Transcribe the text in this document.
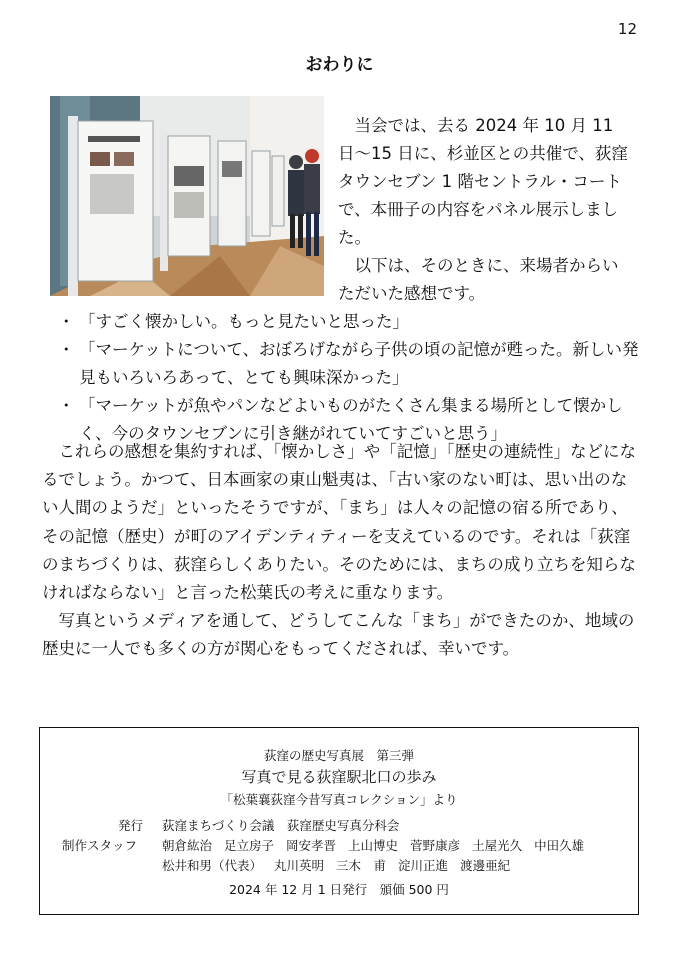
12
おわりに

当会では、去る 2024 年 10 月 11 日～15 日に、杉並区との共催で、荻窪タウンセブン 1 階セントラル・コートで、本冊子の内容をパネル展示しました。

以下は、そのときに、来場者からいただいた感想です。

・ 「すごく懐かしい。もっと見たいと思った」
・ 「マーケットについて、おぼろげながら子供の頃の記憶が甦った。新しい発見もいろいろあって、とても興味深かった」
・ 「マーケットが魚やパンなどよいものがたくさん集まる場所として懐かしく、今のタウンセブンに引き継がれていてすごいと思う」

これらの感想を集約すれば、「懐かしさ」や「記憶」「歴史の連続性」などになるでしょう。かつて、日本画家の東山魁夷は、「古い家のない町は、思い出のない人間のようだ」といったそうですが、「まち」は人々の記憶の宿る所であり、その記憶（歴史）が町のアイデンティティーを支えているのです。それは「荻窪のまちづくりは、荻窪らしくありたい。そのためには、まちの成り立ちを知らなければならない」と言った松葉氏の考えに重なります。

写真というメディアを通して、どうしてこんな「まち」ができたのか、地域の歴史に一人でも多くの方が関心をもってくだされば、幸いです。

荻窪の歴史写真展　第三弾
写真で見る荻窪駅北口の歩み
「松葉襄荻窪今昔写真コレクション」より
発行 荻窪まちづくり会議　荻窪歴史写真分科会
制作スタッフ 朝倉紘治 足立房子 岡安孝晋 上山博史 菅野康彦 土屋光久 中田久雄
松井和男（代表） 丸川英明 三木　甫 淀川正進 渡邊亜紀
2024 年 12 月 1 日発行　頒価 500 円
